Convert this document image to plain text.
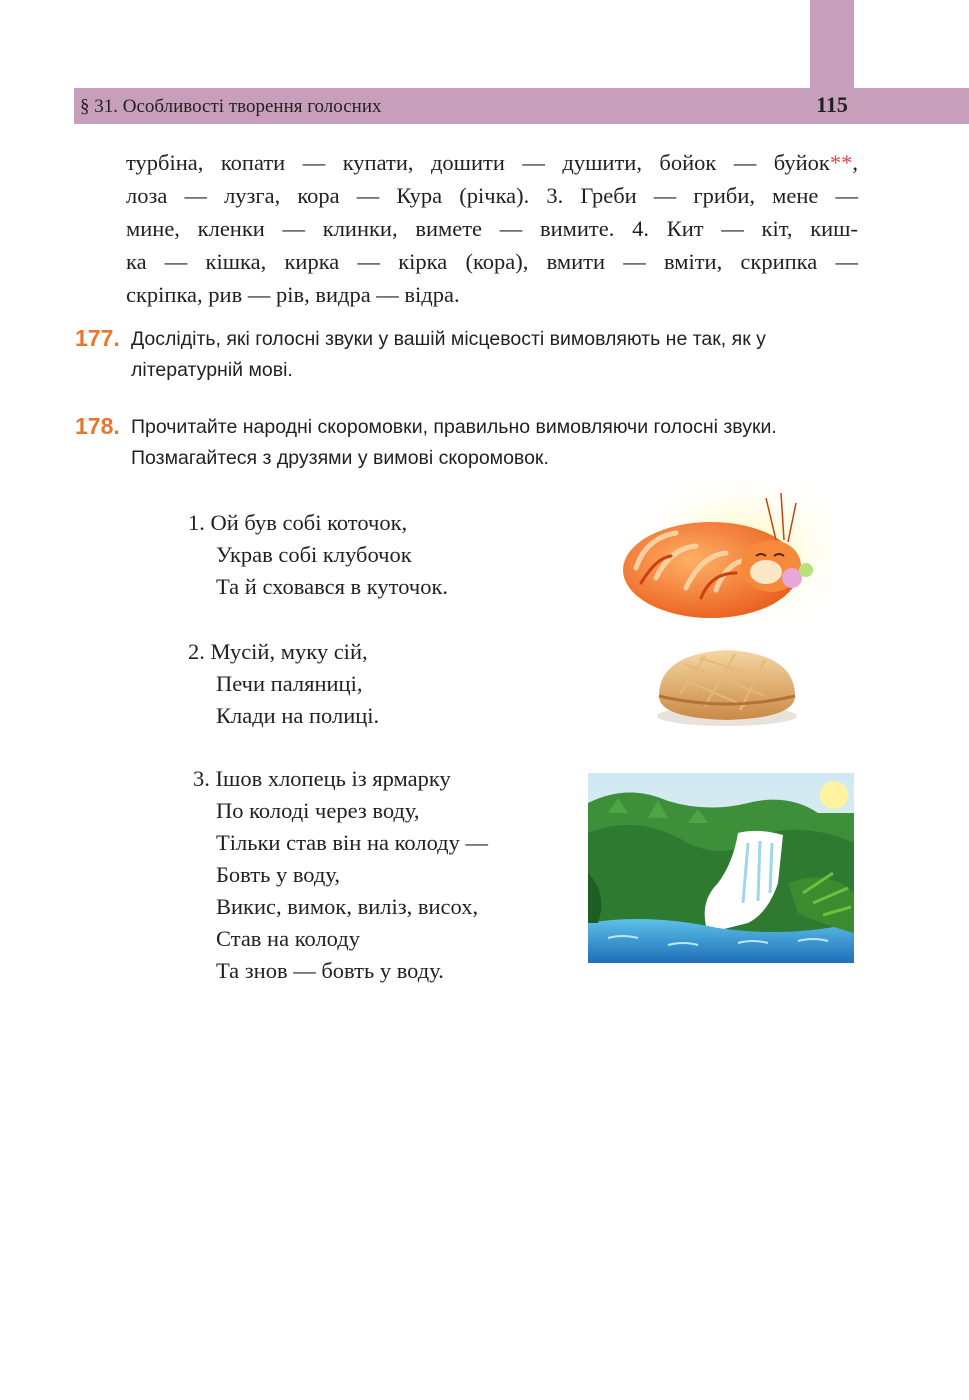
§ 31. Особливості творення голосних	115

турбіна, копати — купати, дошити — душити, бойок — буйок**,
лоза — лузга, кора — Кура (річка). 3. Греби — гриби, мене —
мине, кленки — клинки, вимете — вимите. 4. Кит — кіт, киш-
ка — кішка, кирка — кірка (кора), вмити — вміти, скрипка —
скріпка, рив — рів, видра — відра.

177. Дослідіть, які голосні звуки у вашій місцевості вимовляють не так, як у
літературній мові.

178. Прочитайте народні скоромовки, правильно вимовляючи голосні звуки.
Позмагайтеся з друзями у вимові скоромовок.

1. Ой був собі коточок,
Украв собі клубочок
Та й сховався в куточок.

2. Мусій, муку сій,
Печи паляниці,
Клади на полиці.

3. Ішов хлопець із ярмарку
По колоді через воду,
Тільки став він на колоду —
Бовть у воду,
Викис, вимок, виліз, висох,
Став на колоду
Та знов — бовть у воду.
